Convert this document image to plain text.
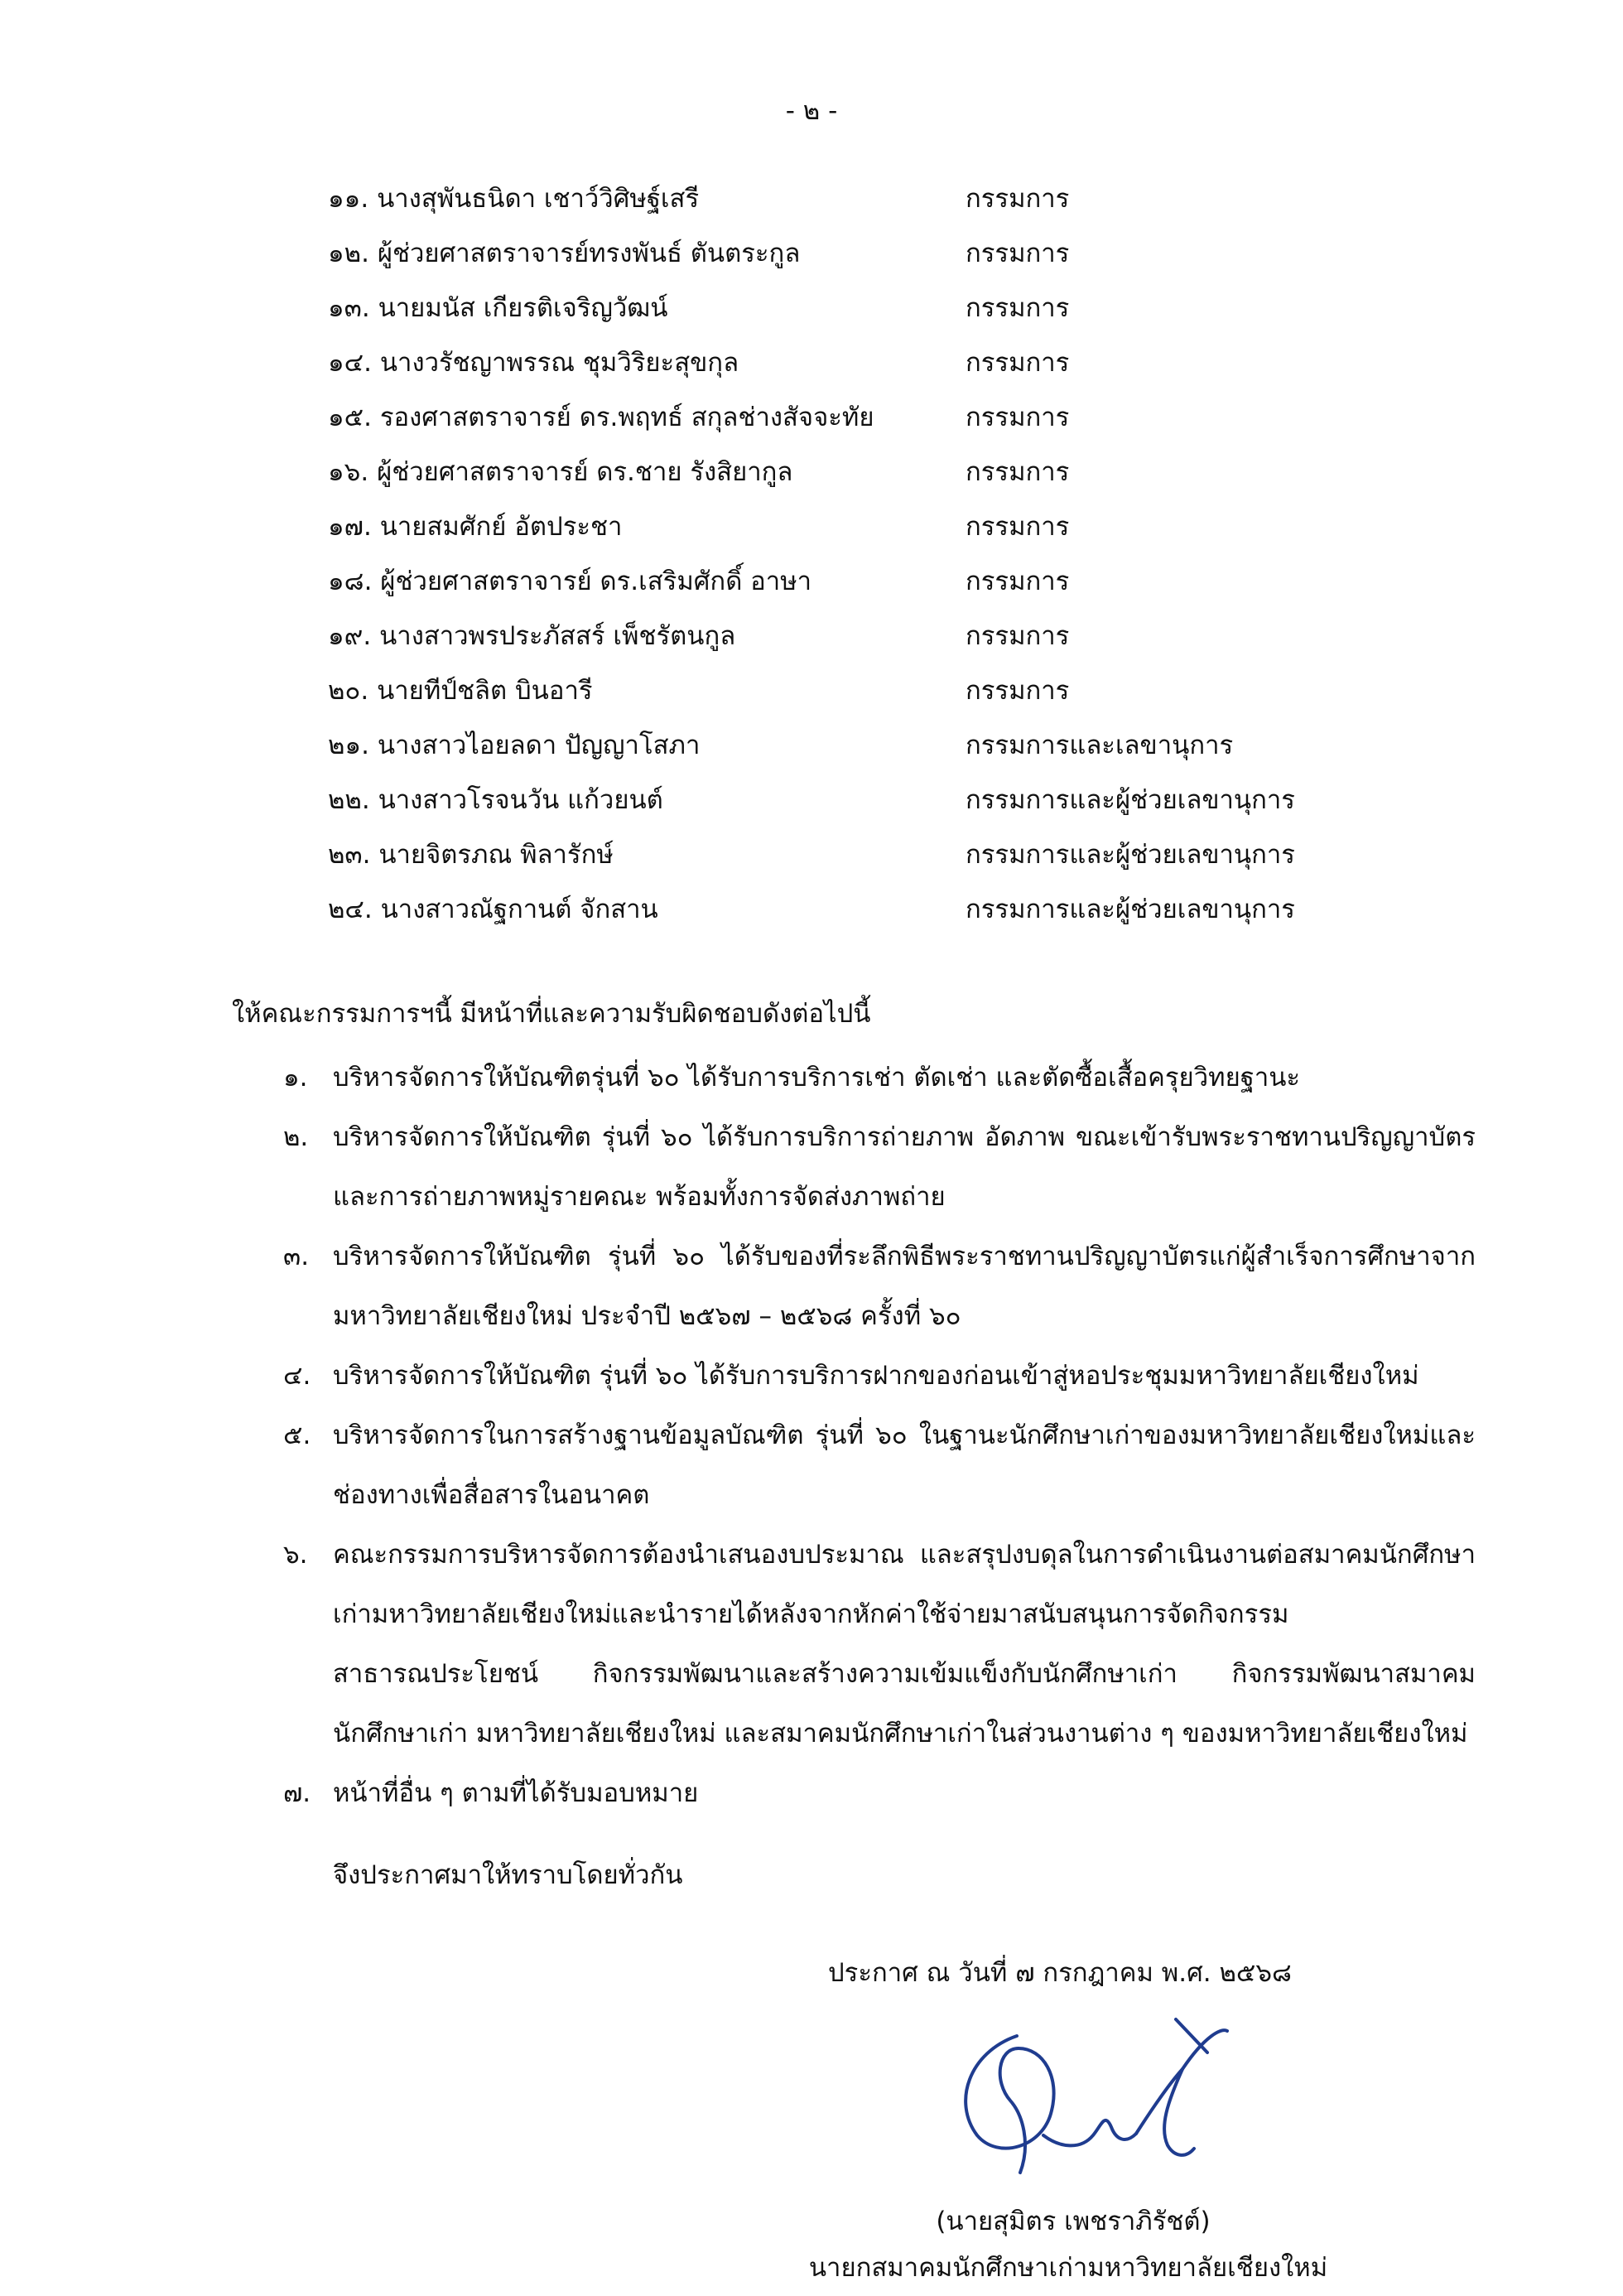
- ๒ -
๑๑. นางสุพันธนิดา เชาว์วิศิษฐ์เสรี	กรรมการ
๑๒. ผู้ช่วยศาสตราจารย์ทรงพันธ์ ตันตระกูล	กรรมการ
๑๓. นายมนัส เกียรติเจริญวัฒน์	กรรมการ
๑๔. นางวรัชญาพรรณ ชุมวิริยะสุขกุล	กรรมการ
๑๕. รองศาสตราจารย์ ดร.พฤทธ์ สกุลช่างสัจจะทัย	กรรมการ
๑๖. ผู้ช่วยศาสตราจารย์ ดร.ชาย รังสิยากูล	กรรมการ
๑๗. นายสมศักย์ อัตประชา	กรรมการ
๑๘. ผู้ช่วยศาสตราจารย์ ดร.เสริมศักดิ์ อาษา	กรรมการ
๑๙. นางสาวพรประภัสสร์ เพ็ชรัตนกูล	กรรมการ
๒๐. นายทีป์ชลิต บินอารี	กรรมการ
๒๑. นางสาวไอยลดา ปัญญาโสภา	กรรมการและเลขานุการ
๒๒. นางสาวโรจนวัน แก้วยนต์	กรรมการและผู้ช่วยเลขานุการ
๒๓. นายจิตรภณ พิลารักษ์	กรรมการและผู้ช่วยเลขานุการ
๒๔. นางสาวณัฐกานต์ จักสาน	กรรมการและผู้ช่วยเลขานุการ
ให้คณะกรรมการฯนี้ มีหน้าที่และความรับผิดชอบดังต่อไปนี้
๑. บริหารจัดการให้บัณฑิตรุ่นที่ ๖๐ ได้รับการบริการเช่า ตัดเช่า และตัดซื้อเสื้อครุยวิทยฐานะ
๒. บริหารจัดการให้บัณฑิต รุ่นที่ ๖๐ ได้รับการบริการถ่ายภาพ อัดภาพ ขณะเข้ารับพระราชทานปริญญาบัตร และการถ่ายภาพหมู่รายคณะ พร้อมทั้งการจัดส่งภาพถ่าย
๓. บริหารจัดการให้บัณฑิต รุ่นที่ ๖๐ ได้รับของที่ระลึกพิธีพระราชทานปริญญาบัตรแก่ผู้สำเร็จการศึกษาจาก มหาวิทยาลัยเชียงใหม่ ประจำปี ๒๕๖๗ – ๒๕๖๘ ครั้งที่ ๖๐
๔. บริหารจัดการให้บัณฑิต รุ่นที่ ๖๐ ได้รับการบริการฝากของก่อนเข้าสู่หอประชุมมหาวิทยาลัยเชียงใหม่
๕. บริหารจัดการในการสร้างฐานข้อมูลบัณฑิต รุ่นที่ ๖๐ ในฐานะนักศึกษาเก่าของมหาวิทยาลัยเชียงใหม่และ ช่องทางเพื่อสื่อสารในอนาคต
๖. คณะกรรมการบริหารจัดการต้องนำเสนองบประมาณ และสรุปงบดุลในการดำเนินงานต่อสมาคมนักศึกษา เก่ามหาวิทยาลัยเชียงใหม่และนำรายได้หลังจากหักค่าใช้จ่ายมาสนับสนุนการจัดกิจกรรมสาธารณประโยชน์ กิจกรรมพัฒนาและสร้างความเข้มแข็งกับนักศึกษาเก่า กิจกรรมพัฒนาสมาคมนักศึกษาเก่า มหาวิทยาลัยเชียงใหม่ และสมาคมนักศึกษาเก่าในส่วนงานต่าง ๆ ของมหาวิทยาลัยเชียงใหม่
๗. หน้าที่อื่น ๆ ตามที่ได้รับมอบหมาย
จึงประกาศมาให้ทราบโดยทั่วกัน
ประกาศ ณ วันที่ ๗ กรกฎาคม พ.ศ. ๒๕๖๘
(นายสุมิตร เพชราภิรัชต์)
นายกสมาคมนักศึกษาเก่ามหาวิทยาลัยเชียงใหม่
